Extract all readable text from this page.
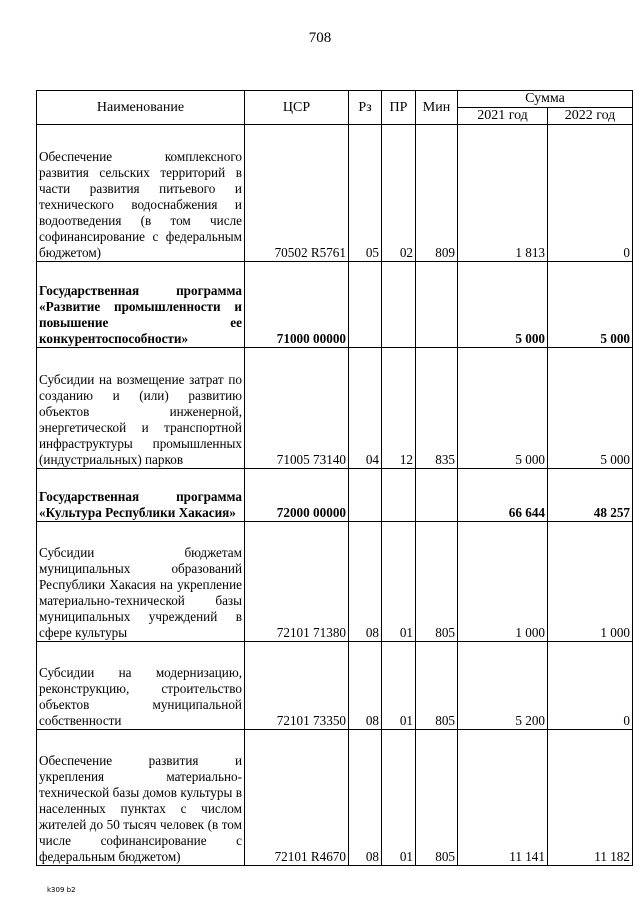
708
Наименование	ЦСР	Рз	ПР	Мин	Сумма	
					2021 год	2022 год
Обеспечение комплексного развития сельских территорий в части развития питьевого и технического водоснабжения и водоотведения (в том числе софинансирование с федеральным бюджетом)	70502 R5761	05	02	809	1 813	0
Государственная программа «Развитие промышленности и повышение ее конкурентоспособности»	71000 00000				5 000	5 000
Субсидии на возмещение затрат по созданию и (или) развитию объектов инженерной, энергетической и транспортной инфраструктуры промышленных (индустриальных) парков	71005 73140	04	12	835	5 000	5 000
Государственная программа «Культура Республики Хакасия»	72000 00000				66 644	48 257
Субсидии бюджетам муниципальных образований Республики Хакасия на укрепление материально-технической базы муниципальных учреждений в сфере культуры	72101 71380	08	01	805	1 000	1 000
Субсидии на модернизацию, реконструкцию, строительство объектов муниципальной собственности	72101 73350	08	01	805	5 200	0
Обеспечение развития и укрепления материально-технической базы домов культуры в населенных пунктах с числом жителей до 50 тысяч человек (в том числе софинансирование с федеральным бюджетом)	72101 R4670	08	01	805	11 141	11 182
k309 b2
